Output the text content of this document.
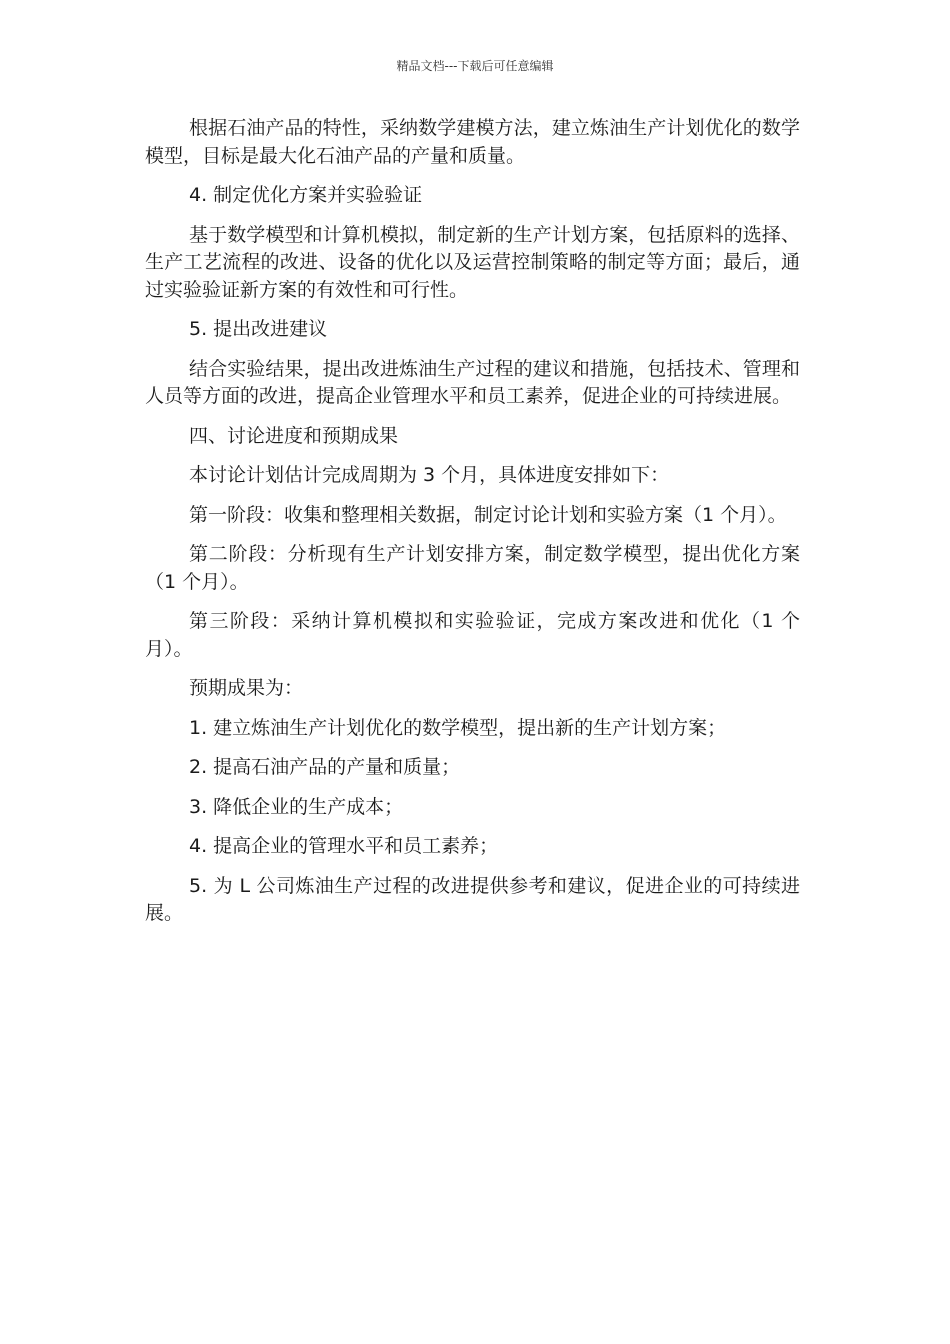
精品文档---下载后可任意编辑

根据石油产品的特性，采纳数学建模方法，建立炼油生产计划优化的数学模型，目标是最大化石油产品的产量和质量。

4. 制定优化方案并实验验证

基于数学模型和计算机模拟，制定新的生产计划方案，包括原料的选择、生产工艺流程的改进、设备的优化以及运营控制策略的制定等方面；最后，通过实验验证新方案的有效性和可行性。

5. 提出改进建议

结合实验结果，提出改进炼油生产过程的建议和措施，包括技术、管理和人员等方面的改进，提高企业管理水平和员工素养，促进企业的可持续进展。

四、讨论进度和预期成果

本讨论计划估计完成周期为 3 个月，具体进度安排如下：

第一阶段：收集和整理相关数据，制定讨论计划和实验方案（1 个月）。

第二阶段：分析现有生产计划安排方案，制定数学模型，提出优化方案（1 个月）。

第三阶段：采纳计算机模拟和实验验证，完成方案改进和优化（1 个月）。

预期成果为：

1. 建立炼油生产计划优化的数学模型，提出新的生产计划方案；

2. 提高石油产品的产量和质量；

3. 降低企业的生产成本；

4. 提高企业的管理水平和员工素养；

5. 为 L 公司炼油生产过程的改进提供参考和建议，促进企业的可持续进展。
